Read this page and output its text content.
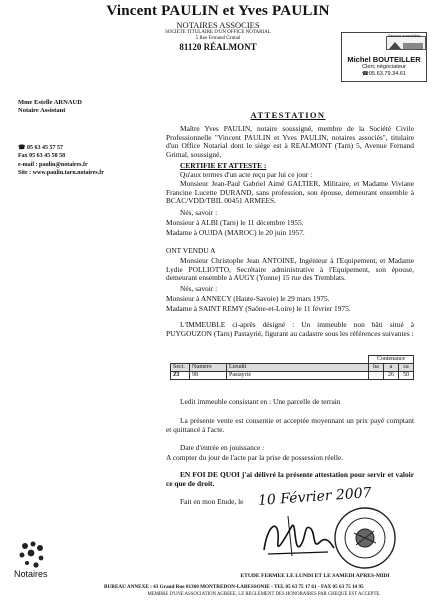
Vincent PAULIN et Yves PAULIN
NOTAIRES ASSOCIES
SOCIETE TITULAIRE D'UN OFFICE NOTARIAL
5 Rue Fernand Grimal
81120 RÉALMONT
Service immobilier
Michel BOUTEILLER
Clerc négociateur
☎05.63.79.34.61
Mme Estelle ARNAUD
Notaire Assistant
☎ 05 63 45 57 57
Fax 05 63 45 58 58
e-mail : paulin@notaires.fr
Site : www.paulin.tarn.notaires.fr
ATTESTATION
Maître Yves PAULIN, notaire soussigné, membre de la Société Civile Professionnelle "Vincent PAULIN et Yves PAULIN, notaires associés", titulaire d'un Office Notarial dont le siège est à REALMONT (Tarn) 5, Avenue Fernand Grimal, soussigné,
CERTIFIE ET ATTESTE :
Qu'aux termes d'un acte reçu par lui ce jour :
Monsieur Jean-Paul Gabriel Aimé GALTIER, Militaire, et Madame Viviane Francine Lucette DURAND, sans profession, son épouse, demeurant ensemble à BCAC/VDD/TBIL 00451 ARMEES.
Nés, savoir :
Monsieur à ALBI (Tarn) le 11 décembre 1955.
Madame à OUJDA (MAROC) le 20 juin 1957.
ONT VENDU A
Monsieur Christophe Jean ANTOINE, Ingénieur à l'Equipement, et Madame Lydie POLLIOTTO, Secrétaire administrative à l'Equipement, son épouse, demeurant ensemble à AUGY (Yonne) 15 rue des Tremblats.
Nés, savoir :
Monsieur à ANNECY (Haute-Savoie) le 29 mars 1975.
Madame à SAINT REMY (Saône-et-Loire) le 11 février 1975.
L'IMMEUBLE ci-après désigné : Un immeuble non bâti situé à PUYGOUZON (Tarn) Pastayrié, figurant au cadastre sous les références suivantes :
			Contenance		
Sect.	Numéro	Lieudit	ha	a	ca
ZI	98	Pastayrié		26	50
Ledit immeuble consistant en : Une parcelle de terrain
La présente vente est consentie et acceptée moyennant un prix payé comptant et quittancé à l'acte.
Date d'entrée en jouissance :
A compter du jour de l'acte par la prise de possession réelle.
EN FOI DE QUOI j'ai délivré la présente attestation pour servir et valoir ce que de droit.
Fait en mon Etude, le 10 Février 2007
Notaires	ETUDE FERMEE LE LUNDI ET LE SAMEDI APRES-MIDI
BUREAU ANNEXE : 43 Grand Rue 81360 MONTREDON-LABESSONIE - TEL 05 63 75 17 61 - FAX 05 63 75 14 95
MEMBRE D'UNE ASSOCIATION AGREEE, LE REGLEMENT DES HONORAIRES PAR CHEQUE EST ACCEPTE.
